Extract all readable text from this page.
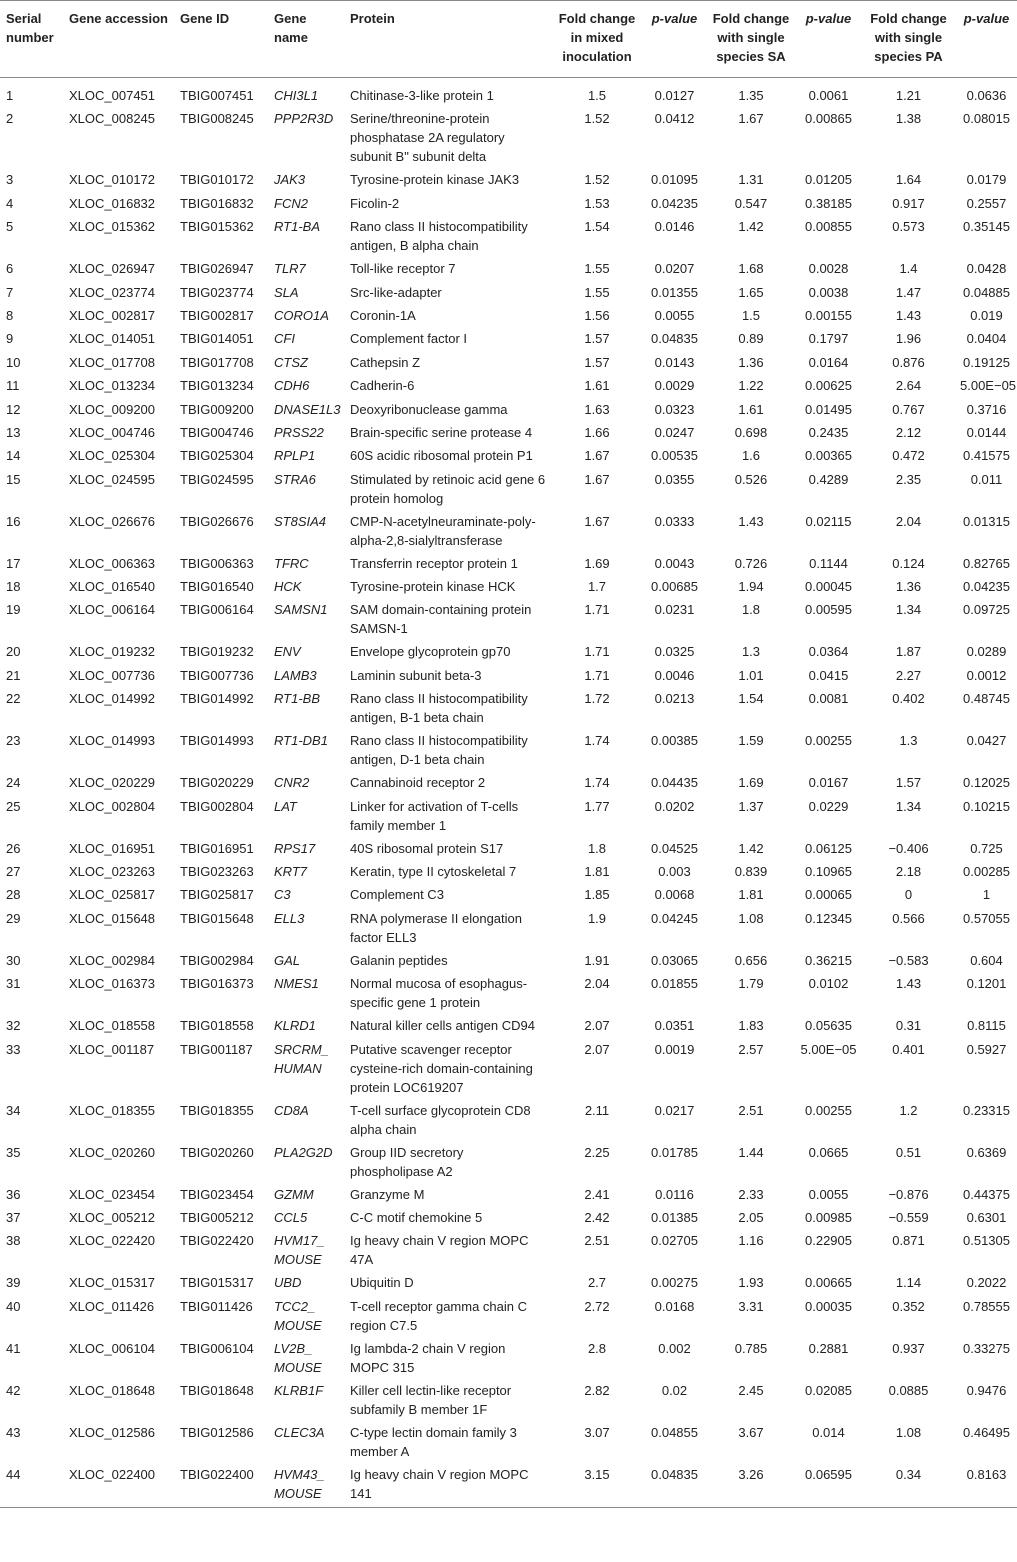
Serial number	Gene accession	Gene ID	Gene name	Protein	Fold change in mixed inoculation	p-value	Fold change with single species SA	p-value	Fold change with single species PA	p-value
1	XLOC_007451	TBIG007451	CHI3L1	Chitinase-3-like protein 1	1.5	0.0127	1.35	0.0061	1.21	0.0636
2	XLOC_008245	TBIG008245	PPP2R3D	Serine/threonine-protein phosphatase 2A regulatory subunit B" subunit delta	1.52	0.0412	1.67	0.00865	1.38	0.08015
3	XLOC_010172	TBIG010172	JAK3	Tyrosine-protein kinase JAK3	1.52	0.01095	1.31	0.01205	1.64	0.0179
4	XLOC_016832	TBIG016832	FCN2	Ficolin-2	1.53	0.04235	0.547	0.38185	0.917	0.2557
5	XLOC_015362	TBIG015362	RT1-BA	Rano class II histocompatibility antigen, B alpha chain	1.54	0.0146	1.42	0.00855	0.573	0.35145
6	XLOC_026947	TBIG026947	TLR7	Toll-like receptor 7	1.55	0.0207	1.68	0.0028	1.4	0.0428
7	XLOC_023774	TBIG023774	SLA	Src-like-adapter	1.55	0.01355	1.65	0.0038	1.47	0.04885
8	XLOC_002817	TBIG002817	CORO1A	Coronin-1A	1.56	0.0055	1.5	0.00155	1.43	0.019
9	XLOC_014051	TBIG014051	CFI	Complement factor I	1.57	0.04835	0.89	0.1797	1.96	0.0404
10	XLOC_017708	TBIG017708	CTSZ	Cathepsin Z	1.57	0.0143	1.36	0.0164	0.876	0.19125
11	XLOC_013234	TBIG013234	CDH6	Cadherin-6	1.61	0.0029	1.22	0.00625	2.64	5.00E−05
12	XLOC_009200	TBIG009200	DNASE1L3	Deoxyribonuclease gamma	1.63	0.0323	1.61	0.01495	0.767	0.3716
13	XLOC_004746	TBIG004746	PRSS22	Brain-specific serine protease 4	1.66	0.0247	0.698	0.2435	2.12	0.0144
14	XLOC_025304	TBIG025304	RPLP1	60S acidic ribosomal protein P1	1.67	0.00535	1.6	0.00365	0.472	0.41575
15	XLOC_024595	TBIG024595	STRA6	Stimulated by retinoic acid gene 6 protein homolog	1.67	0.0355	0.526	0.4289	2.35	0.011
16	XLOC_026676	TBIG026676	ST8SIA4	CMP-N-acetylneuraminate-poly-alpha-2,8-sialyltransferase	1.67	0.0333	1.43	0.02115	2.04	0.01315
17	XLOC_006363	TBIG006363	TFRC	Transferrin receptor protein 1	1.69	0.0043	0.726	0.1144	0.124	0.82765
18	XLOC_016540	TBIG016540	HCK	Tyrosine-protein kinase HCK	1.7	0.00685	1.94	0.00045	1.36	0.04235
19	XLOC_006164	TBIG006164	SAMSN1	SAM domain-containing protein SAMSN-1	1.71	0.0231	1.8	0.00595	1.34	0.09725
20	XLOC_019232	TBIG019232	ENV	Envelope glycoprotein gp70	1.71	0.0325	1.3	0.0364	1.87	0.0289
21	XLOC_007736	TBIG007736	LAMB3	Laminin subunit beta-3	1.71	0.0046	1.01	0.0415	2.27	0.0012
22	XLOC_014992	TBIG014992	RT1-BB	Rano class II histocompatibility antigen, B-1 beta chain	1.72	0.0213	1.54	0.0081	0.402	0.48745
23	XLOC_014993	TBIG014993	RT1-DB1	Rano class II histocompatibility antigen, D-1 beta chain	1.74	0.00385	1.59	0.00255	1.3	0.0427
24	XLOC_020229	TBIG020229	CNR2	Cannabinoid receptor 2	1.74	0.04435	1.69	0.0167	1.57	0.12025
25	XLOC_002804	TBIG002804	LAT	Linker for activation of T-cells family member 1	1.77	0.0202	1.37	0.0229	1.34	0.10215
26	XLOC_016951	TBIG016951	RPS17	40S ribosomal protein S17	1.8	0.04525	1.42	0.06125	−0.406	0.725
27	XLOC_023263	TBIG023263	KRT7	Keratin, type II cytoskeletal 7	1.81	0.003	0.839	0.10965	2.18	0.00285
28	XLOC_025817	TBIG025817	C3	Complement C3	1.85	0.0068	1.81	0.00065	0	1
29	XLOC_015648	TBIG015648	ELL3	RNA polymerase II elongation factor ELL3	1.9	0.04245	1.08	0.12345	0.566	0.57055
30	XLOC_002984	TBIG002984	GAL	Galanin peptides	1.91	0.03065	0.656	0.36215	−0.583	0.604
31	XLOC_016373	TBIG016373	NMES1	Normal mucosa of esophagus-specific gene 1 protein	2.04	0.01855	1.79	0.0102	1.43	0.1201
32	XLOC_018558	TBIG018558	KLRD1	Natural killer cells antigen CD94	2.07	0.0351	1.83	0.05635	0.31	0.8115
33	XLOC_001187	TBIG001187	SRCRM_ HUMAN	Putative scavenger receptor cysteine-rich domain-containing protein LOC619207	2.07	0.0019	2.57	5.00E−05	0.401	0.5927
34	XLOC_018355	TBIG018355	CD8A	T-cell surface glycoprotein CD8 alpha chain	2.11	0.0217	2.51	0.00255	1.2	0.23315
35	XLOC_020260	TBIG020260	PLA2G2D	Group IID secretory phospholipase A2	2.25	0.01785	1.44	0.0665	0.51	0.6369
36	XLOC_023454	TBIG023454	GZMM	Granzyme M	2.41	0.0116	2.33	0.0055	−0.876	0.44375
37	XLOC_005212	TBIG005212	CCL5	C-C motif chemokine 5	2.42	0.01385	2.05	0.00985	−0.559	0.6301
38	XLOC_022420	TBIG022420	HVM17_ MOUSE	Ig heavy chain V region MOPC 47A	2.51	0.02705	1.16	0.22905	0.871	0.51305
39	XLOC_015317	TBIG015317	UBD	Ubiquitin D	2.7	0.00275	1.93	0.00665	1.14	0.2022
40	XLOC_011426	TBIG011426	TCC2_ MOUSE	T-cell receptor gamma chain C region C7.5	2.72	0.0168	3.31	0.00035	0.352	0.78555
41	XLOC_006104	TBIG006104	LV2B_ MOUSE	Ig lambda-2 chain V region MOPC 315	2.8	0.002	0.785	0.2881	0.937	0.33275
42	XLOC_018648	TBIG018648	KLRB1F	Killer cell lectin-like receptor subfamily B member 1F	2.82	0.02	2.45	0.02085	0.0885	0.9476
43	XLOC_012586	TBIG012586	CLEC3A	C-type lectin domain family 3 member A	3.07	0.04855	3.67	0.014	1.08	0.46495
44	XLOC_022400	TBIG022400	HVM43_ MOUSE	Ig heavy chain V region MOPC 141	3.15	0.04835	3.26	0.06595	0.34	0.8163
